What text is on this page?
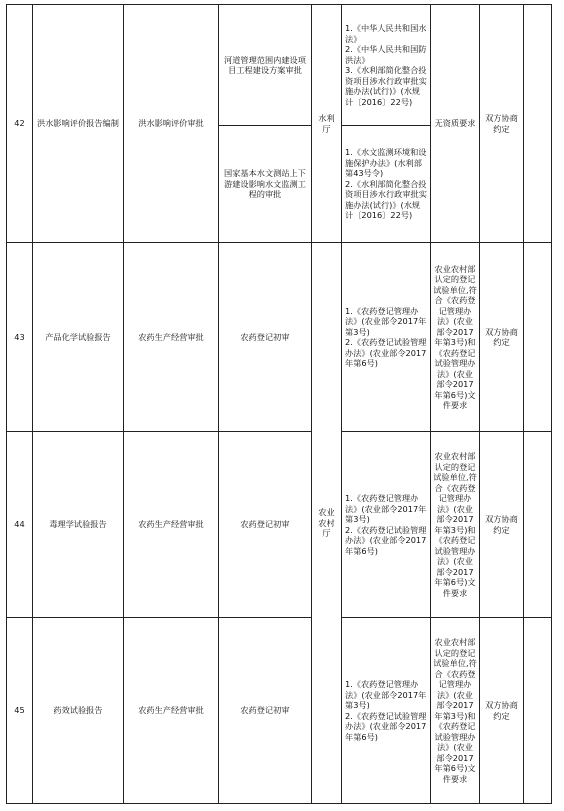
42	洪水影响评价报告编制	洪水影响评价审批	河道管理范围内建设项目工程建设方案审批	水利厅	1.《中华人民共和国水法》
2.《中华人民共和国防洪法》
3.《水利部简化整合投资项目涉水行政审批实施办法(试行)》(水规计〔2016〕22号)	无资质要求	双方协商约定	
			国家基本水文测站上下游建设影响水文监测工程的审批		1.《水文监测环境和设施保护办法》(水利部第43号令)
2.《水利部简化整合投资项目涉水行政审批实施办法(试行)》(水规计〔2016〕22号)			

43	产品化学试验报告	农药生产经营审批	农药登记初审	农业农村厅	1.《农药登记管理办法》(农业部令2017年第3号)
2.《农药登记试验管理办法》(农业部令2017年第6号)	农业农村部认定的登记试验单位,符合《农药登记管理办法》(农业部令2017年第3号)和《农药登记试验管理办法》(农业部令2017年第6号)文件要求	双方协商约定	
44	毒理学试验报告	农药生产经营审批	农药登记初审		1.《农药登记管理办法》(农业部令2017年第3号)
2.《农药登记试验管理办法》(农业部令2017年第6号)	农业农村部认定的登记试验单位,符合《农药登记管理办法》(农业部令2017年第3号)和《农药登记试验管理办法》(农业部令2017年第6号)文件要求	双方协商约定	
45	药效试验报告	农药生产经营审批	农药登记初审		1.《农药登记管理办法》(农业部令2017年第3号)
2.《农药登记试验管理办法》(农业部令2017年第6号)	农业农村部认定的登记试验单位,符合《农药登记管理办法》(农业部令2017年第3号)和《农药登记试验管理办法》(农业部令2017年第6号)文件要求	双方协商约定	
